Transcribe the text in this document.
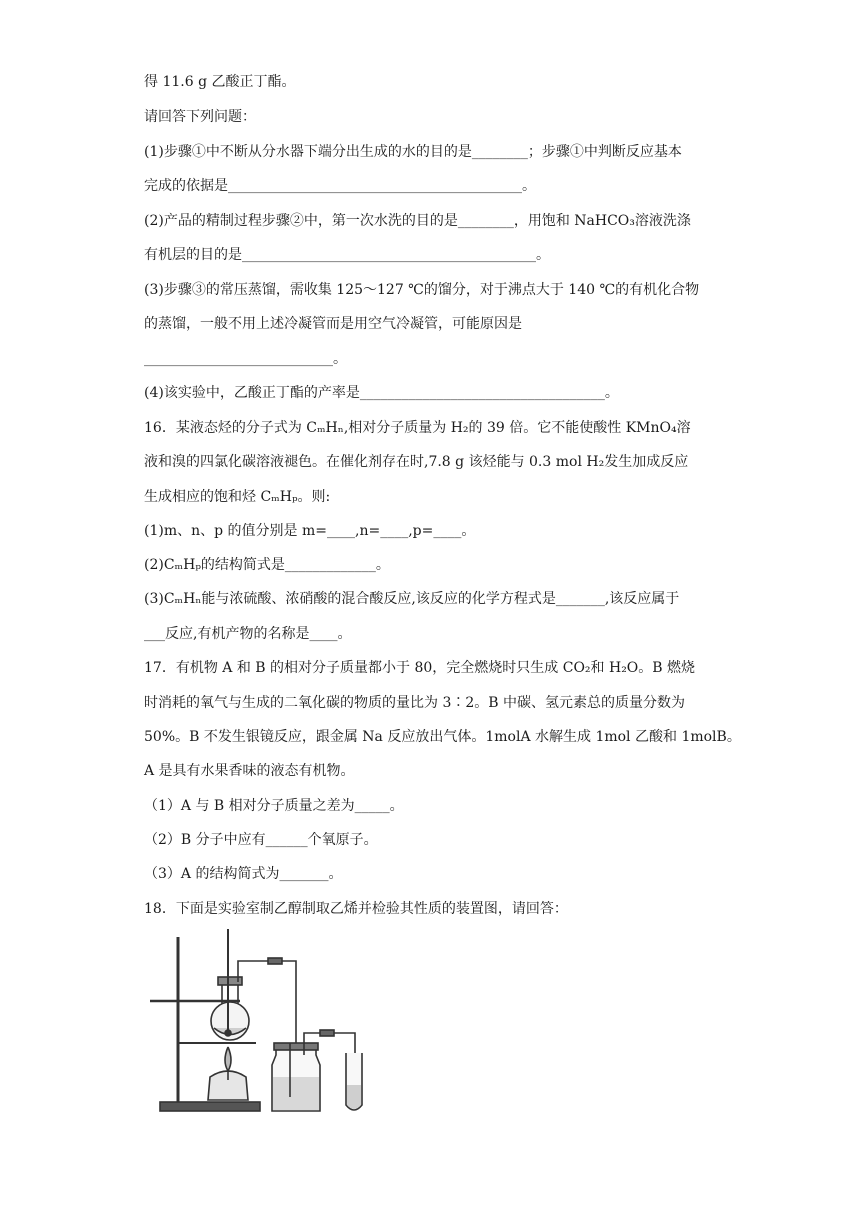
得 11.6 g 乙酸正丁酯。
请回答下列问题：
(1)步骤①中不断从分水器下端分出生成的水的目的是________；步骤①中判断反应基本
完成的依据是__________________________________________。
(2)产品的精制过程步骤②中，第一次水洗的目的是________，用饱和 NaHCO₃溶液洗涤
有机层的目的是__________________________________________。
(3)步骤③的常压蒸馏，需收集 125～127 ℃的馏分，对于沸点大于 140 ℃的有机化合物
的蒸馏，一般不用上述冷凝管而是用空气冷凝管，可能原因是
___________________________。
(4)该实验中，乙酸正丁酯的产率是___________________________________。
16．某液态烃的分子式为 CₘHₙ,相对分子质量为 H₂的 39 倍。它不能使酸性 KMnO₄溶
液和溴的四氯化碳溶液褪色。在催化剂存在时,7.8 g 该烃能与 0.3 mol H₂发生加成反应
生成相应的饱和烃 CₘHₚ。则:
(1)m、n、p 的值分别是 m=____,n=____,p=____。
(2)CₘHₚ的结构简式是_____________。
(3)CₘHₙ能与浓硫酸、浓硝酸的混合酸反应,该反应的化学方程式是_______,该反应属于
___反应,有机产物的名称是____。
17．有机物 A 和 B 的相对分子质量都小于 80，完全燃烧时只生成 CO₂和 H₂O。B 燃烧
时消耗的氧气与生成的二氧化碳的物质的量比为 3∶2。B 中碳、氢元素总的质量分数为
50%。B 不发生银镜反应，跟金属 Na 反应放出气体。1molA 水解生成 1mol 乙酸和 1molB。
A 是具有水果香味的液态有机物。
（1）A 与 B 相对分子质量之差为_____。
（2）B 分子中应有______个氧原子。
（3）A 的结构简式为_______。
18．下面是实验室制乙醇制取乙烯并检验其性质的装置图，请回答：
